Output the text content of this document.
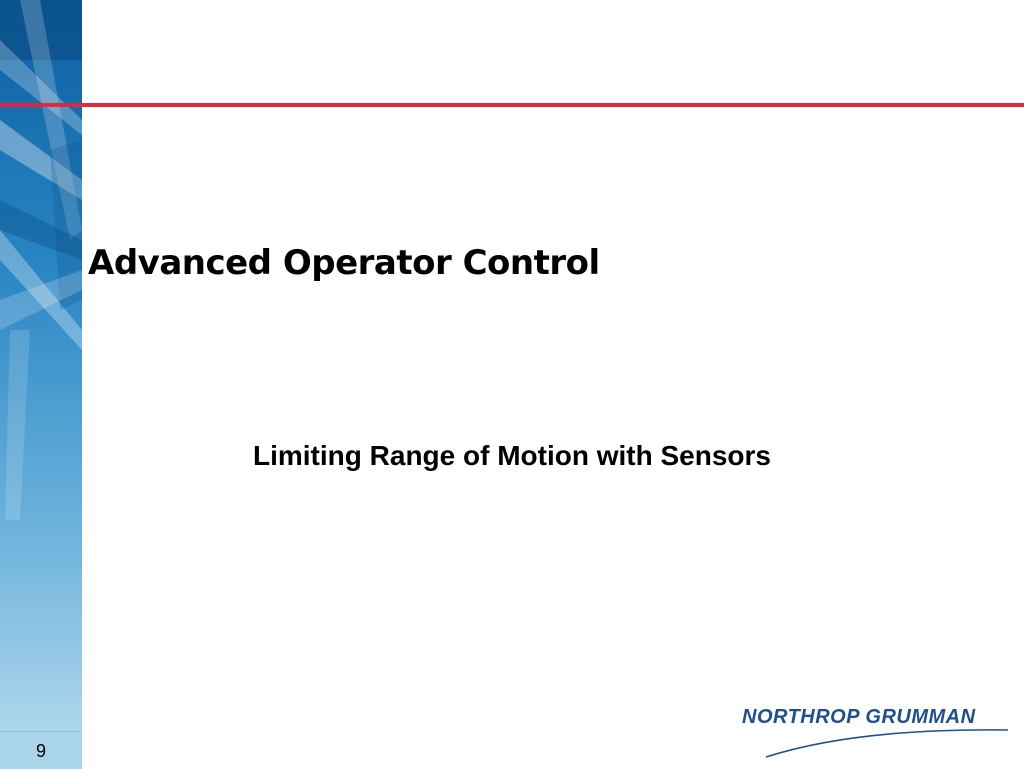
9
Advanced Operator Control
Limiting Range of Motion with Sensors
NORTHROP GRUMMAN
